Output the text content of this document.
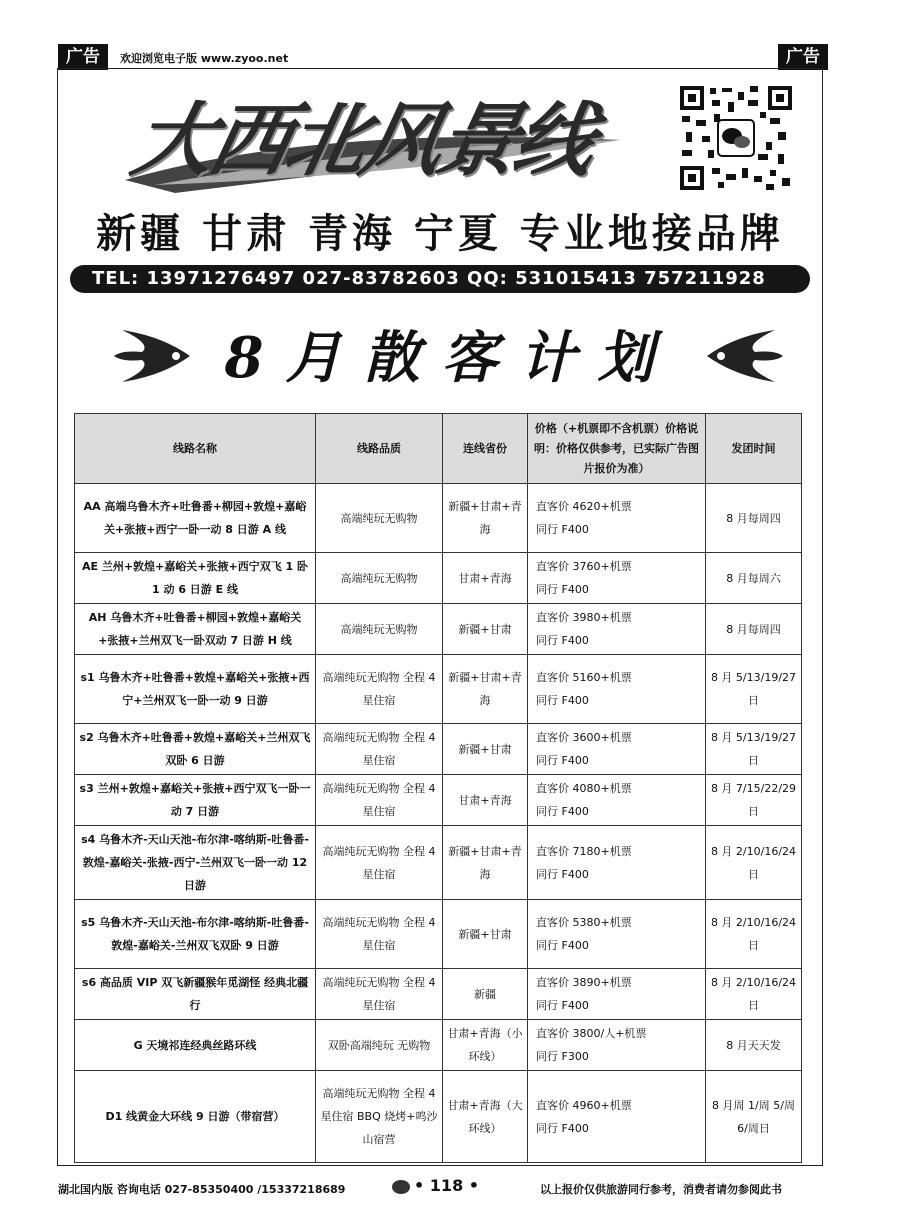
广告	欢迎浏览电子版 www.zyoo.net	广告
大西北风景线
新疆 甘肃 青海 宁夏 专业地接品牌
TEL: 13971276497 027-83782603 QQ: 531015413 757211928
8月散客计划
线路名称	线路品质	连线省份	价格（+机票即不含机票）价格说明：价格仅供参考，已实际广告图片报价为准）	发团时间
AA 高端乌鲁木齐+吐鲁番+柳园+敦煌+嘉峪关+张掖+西宁一卧一动 8 日游 A 线	高端纯玩无购物	新疆+甘肃+青海	直客价 4620+机票
同行 F400	8 月每周四
AE 兰州+敦煌+嘉峪关+张掖+西宁双飞 1 卧 1 动 6 日游 E 线	高端纯玩无购物	甘肃+青海	直客价 3760+机票
同行 F400	8 月每周六
AH 乌鲁木齐+吐鲁番+柳园+敦煌+嘉峪关+张掖+兰州双飞一卧双动 7 日游 H 线	高端纯玩无购物	新疆+甘肃	直客价 3980+机票
同行 F400	8 月每周四
s1 乌鲁木齐+吐鲁番+敦煌+嘉峪关+张掖+西宁+兰州双飞一卧一动 9 日游	高端纯玩无购物 全程 4 星住宿	新疆+甘肃+青海	直客价 5160+机票
同行 F400	8 月 5/13/19/27 日
s2 乌鲁木齐+吐鲁番+敦煌+嘉峪关+兰州双飞双卧 6 日游	高端纯玩无购物 全程 4 星住宿	新疆+甘肃	直客价 3600+机票
同行 F400	8 月 5/13/19/27 日
s3 兰州+敦煌+嘉峪关+张掖+西宁双飞一卧一动 7 日游	高端纯玩无购物 全程 4 星住宿	甘肃+青海	直客价 4080+机票
同行 F400	8 月 7/15/22/29 日
s4 乌鲁木齐-天山天池-布尔津-喀纳斯-吐鲁番-敦煌-嘉峪关-张掖-西宁-兰州双飞一卧一动 12 日游	高端纯玩无购物 全程 4 星住宿	新疆+甘肃+青海	直客价 7180+机票
同行 F400	8 月 2/10/16/24 日
s5 乌鲁木齐-天山天池-布尔津-喀纳斯-吐鲁番-敦煌-嘉峪关-兰州双飞双卧 9 日游	高端纯玩无购物 全程 4 星住宿	新疆+甘肃	直客价 5380+机票
同行 F400	8 月 2/10/16/24 日
s6 高品质 VIP 双飞新疆猴年觅湖怪 经典北疆行	高端纯玩无购物 全程 4 星住宿	新疆	直客价 3890+机票
同行 F400	8 月 2/10/16/24 日
G 天境祁连经典丝路环线	双卧高端纯玩 无购物	甘肃+青海（小环线）	直客价 3800/人+机票
同行 F300	8 月天天发
D1 线黄金大环线 9 日游（带宿营）	高端纯玩无购物 全程 4 星住宿 BBQ 烧烤+鸣沙山宿营	甘肃+青海（大环线）	直客价 4960+机票
同行 F400	8 月周 1/周 5/周 6/周日
湖北国内版 咨询电话 027-85350400 /15337218689	• 118 •	以上报价仅供旅游同行参考，消费者请勿参阅此书
